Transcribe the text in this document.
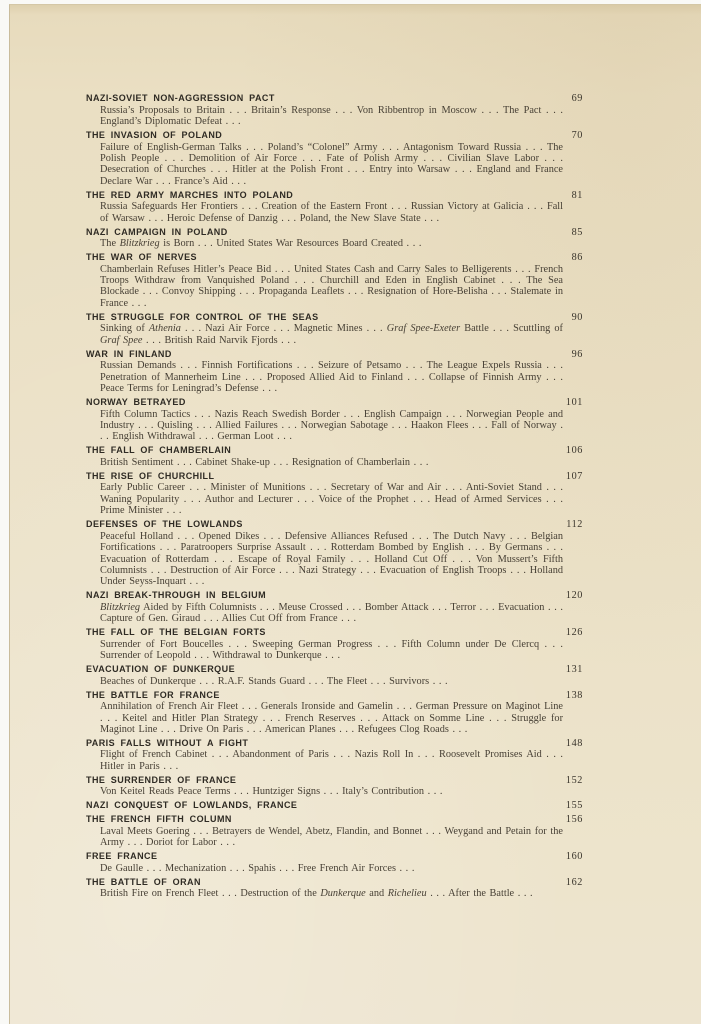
NAZI-SOVIET NON-AGGRESSION PACT	69

Russia’s Proposals to Britain . . . Britain’s Response . . . Von Ribbentrop in Moscow . . . The Pact . . . England’s Diplomatic Defeat . . .

THE INVASION OF POLAND	70

Failure of English-German Talks . . . Poland’s “Colonel” Army . . . Antagonism Toward Russia . . . The Polish People . . . Demolition of Air Force . . . Fate of Polish Army . . . Civilian Slave Labor . . . Desecration of Churches . . . Hitler at the Polish Front . . . Entry into Warsaw . . . England and France Declare War . . . France’s Aid . . .

THE RED ARMY MARCHES INTO POLAND	81

Russia Safeguards Her Frontiers . . . Creation of the Eastern Front . . . Russian Victory at Galicia . . . Fall of Warsaw . . . Heroic Defense of Danzig . . . Poland, the New Slave State . . .

NAZI CAMPAIGN IN POLAND	85

The Blitzkrieg is Born . . . United States War Resources Board Created . . .

THE WAR OF NERVES	86

Chamberlain Refuses Hitler’s Peace Bid . . . United States Cash and Carry Sales to Belligerents . . . French Troops Withdraw from Vanquished Poland . . . Churchill and Eden in English Cabinet . . . The Sea Blockade . . . Convoy Shipping . . . Propaganda Leaflets . . . Resignation of Hore-Belisha . . . Stalemate in France . . .

THE STRUGGLE FOR CONTROL OF THE SEAS	90

Sinking of Athenia . . . Nazi Air Force . . . Magnetic Mines . . . Graf Spee-Exeter Battle . . . Scuttling of Graf Spee . . . British Raid Narvik Fjords . . .

WAR IN FINLAND	96

Russian Demands . . . Finnish Fortifications . . . Seizure of Petsamo . . . The League Expels Russia . . . Penetration of Mannerheim Line . . . Proposed Allied Aid to Finland . . . Collapse of Finnish Army . . . Peace Terms for Leningrad’s Defense . . .

NORWAY BETRAYED	101

Fifth Column Tactics . . . Nazis Reach Swedish Border . . . English Campaign . . . Norwegian People and Industry . . . Quisling . . . Allied Failures . . . Norwegian Sabotage . . . Haakon Flees . . . Fall of Norway . . . English Withdrawal . . . German Loot . . .

THE FALL OF CHAMBERLAIN	106

British Sentiment . . . Cabinet Shake-up . . . Resignation of Chamberlain . . .

THE RISE OF CHURCHILL	107

Early Public Career . . . Minister of Munitions . . . Secretary of War and Air . . . Anti-Soviet Stand . . . Waning Popularity . . . Author and Lecturer . . . Voice of the Prophet . . . Head of Armed Services . . . Prime Minister . . .

DEFENSES OF THE LOWLANDS	112

Peaceful Holland . . . Opened Dikes . . . Defensive Alliances Refused . . . The Dutch Navy . . . Belgian Fortifications . . . Paratroopers Surprise Assault . . . Rotterdam Bombed by English . . . By Germans . . . Evacuation of Rotterdam . . . Escape of Royal Family . . . Holland Cut Off . . . Von Mussert’s Fifth Columnists . . . Destruction of Air Force . . . Nazi Strategy . . . Evacuation of English Troops . . . Holland Under Seyss-Inquart . . .

NAZI BREAK-THROUGH IN BELGIUM	120

Blitzkrieg Aided by Fifth Columnists . . . Meuse Crossed . . . Bomber Attack . . . Terror . . . Evacuation . . . Capture of Gen. Giraud . . . Allies Cut Off from France . . .

THE FALL OF THE BELGIAN FORTS	126

Surrender of Fort Boucelles . . . Sweeping German Progress . . . Fifth Column under De Clercq . . . Surrender of Leopold . . . Withdrawal to Dunkerque . . .

EVACUATION OF DUNKERQUE	131

Beaches of Dunkerque . . . R.A.F. Stands Guard . . . The Fleet . . . Survivors . . .

THE BATTLE FOR FRANCE	138

Annihilation of French Air Fleet . . . Generals Ironside and Gamelin . . . German Pressure on Maginot Line . . . Keitel and Hitler Plan Strategy . . . French Reserves . . . Attack on Somme Line . . . Struggle for Maginot Line . . . Drive On Paris . . . American Planes . . . Refugees Clog Roads . . .

PARIS FALLS WITHOUT A FIGHT	148

Flight of French Cabinet . . . Abandonment of Paris . . . Nazis Roll In . . . Roosevelt Promises Aid . . . Hitler in Paris . . .

THE SURRENDER OF FRANCE	152

Von Keitel Reads Peace Terms . . . Huntziger Signs . . . Italy’s Contribution . . .

NAZI CONQUEST OF LOWLANDS, FRANCE	155
THE FRENCH FIFTH COLUMN	156

Laval Meets Goering . . . Betrayers de Wendel, Abetz, Flandin, and Bonnet . . . Weygand and Petain for the Army . . . Doriot for Labor . . .

FREE FRANCE	160

De Gaulle . . . Mechanization . . . Spahis . . . Free French Air Forces . . .

THE BATTLE OF ORAN	162

British Fire on French Fleet . . . Destruction of the Dunkerque and Richelieu . . . After the Battle . . .
